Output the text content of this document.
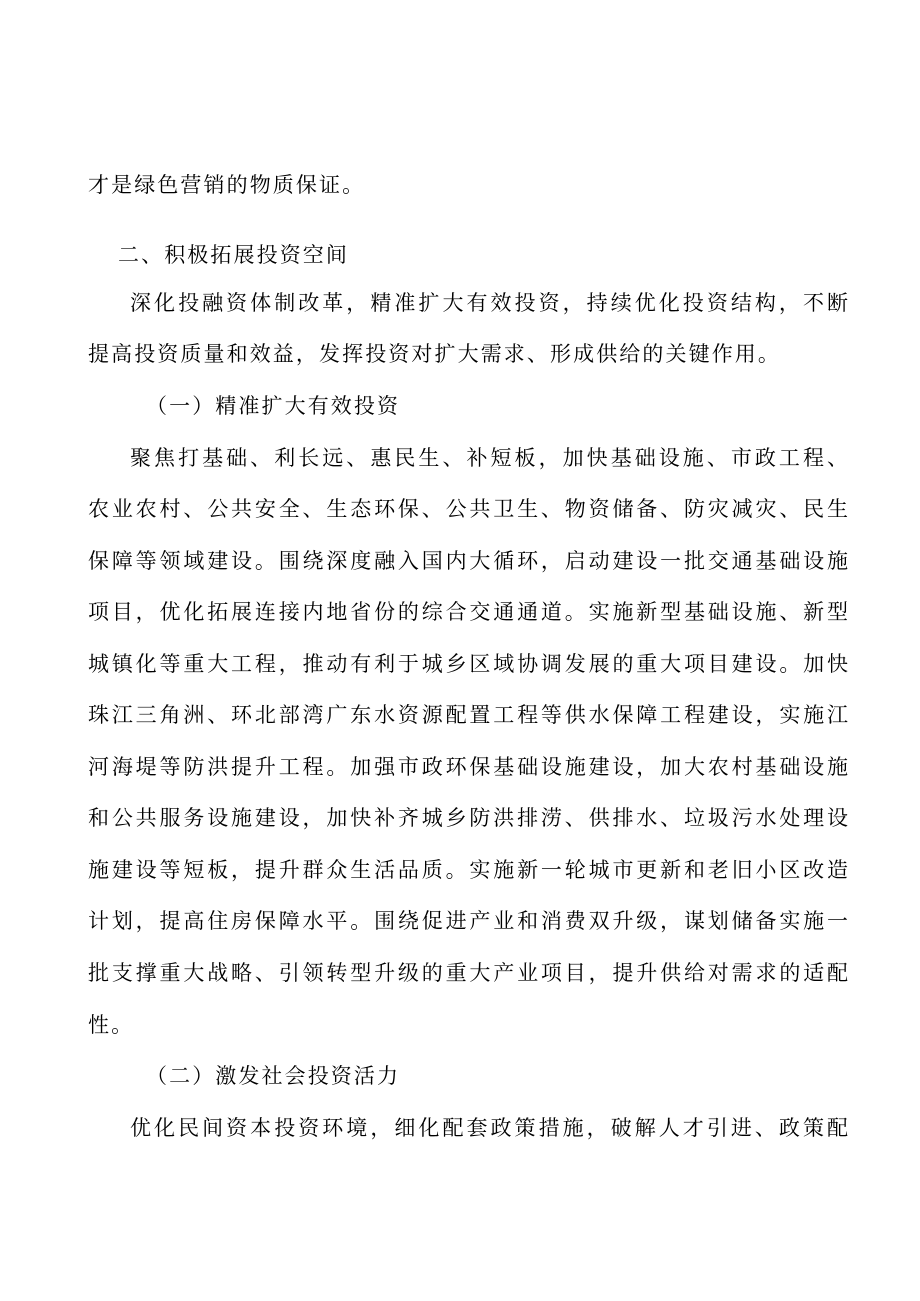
才是绿色营销的物质保证。
二、积极拓展投资空间
深化投融资体制改革，精准扩大有效投资，持续优化投资结构，不断
提高投资质量和效益，发挥投资对扩大需求、形成供给的关键作用。
（一）精准扩大有效投资
聚焦打基础、利长远、惠民生、补短板，加快基础设施、市政工程、
农业农村、公共安全、生态环保、公共卫生、物资储备、防灾减灾、民生
保障等领域建设。围绕深度融入国内大循环，启动建设一批交通基础设施
项目，优化拓展连接内地省份的综合交通通道。实施新型基础设施、新型
城镇化等重大工程，推动有利于城乡区域协调发展的重大项目建设。加快
珠江三角洲、环北部湾广东水资源配置工程等供水保障工程建设，实施江
河海堤等防洪提升工程。加强市政环保基础设施建设，加大农村基础设施
和公共服务设施建设，加快补齐城乡防洪排涝、供排水、垃圾污水处理设
施建设等短板，提升群众生活品质。实施新一轮城市更新和老旧小区改造
计划，提高住房保障水平。围绕促进产业和消费双升级，谋划储备实施一
批支撑重大战略、引领转型升级的重大产业项目，提升供给对需求的适配
性。
（二）激发社会投资活力
优化民间资本投资环境，细化配套政策措施，破解人才引进、政策配
